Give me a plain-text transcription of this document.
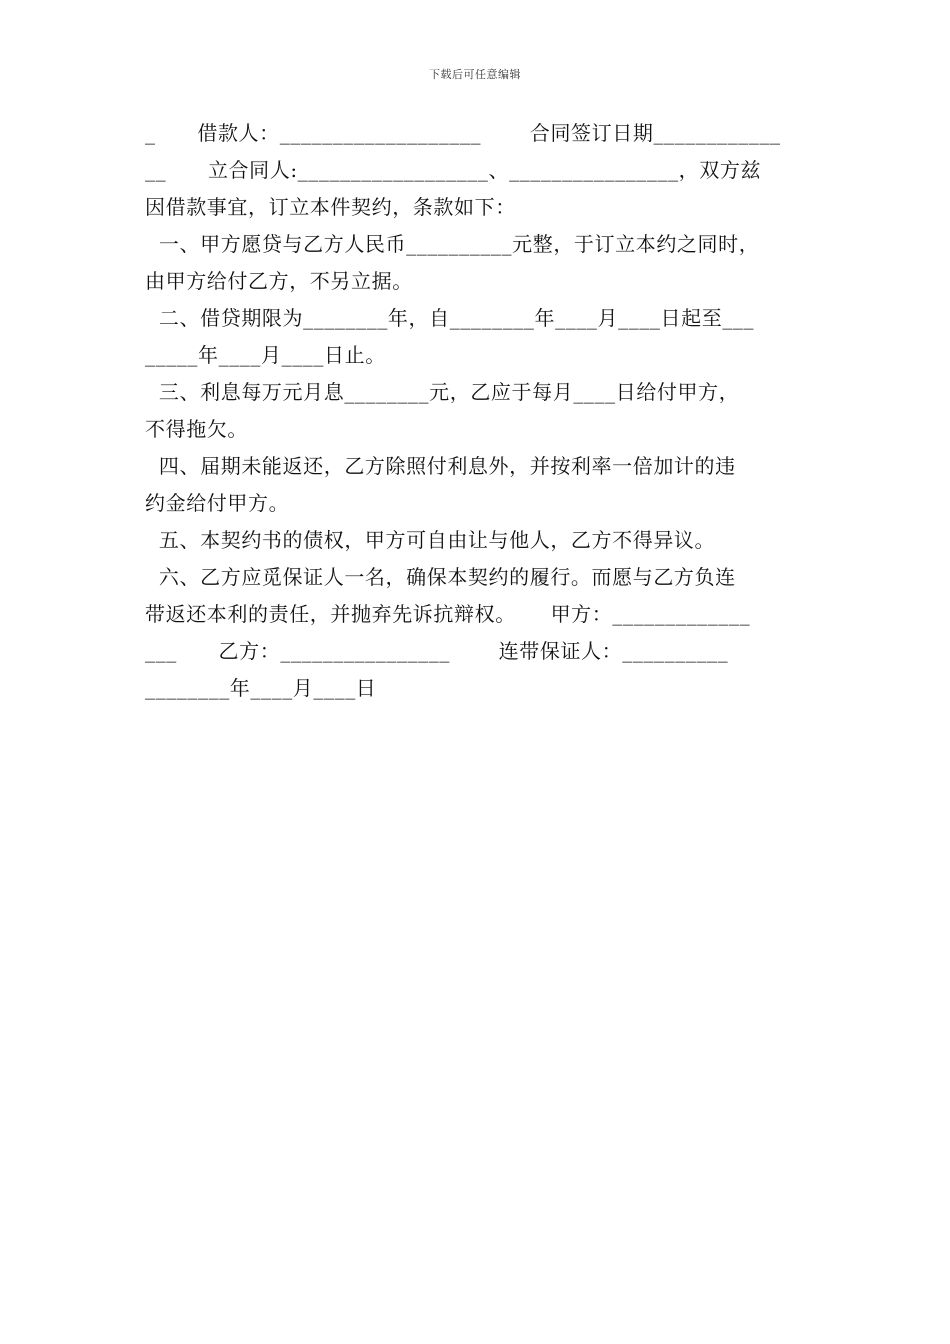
下载后可任意编辑
_      借款人：___________________       合同签订日期____________
__      立合同人:__________________、________________，双方兹
因借款事宜，订立本件契约，条款如下：
一、甲方愿贷与乙方人民币__________元整，于订立本约之同时，
由甲方给付乙方，不另立据。
二、借贷期限为________年，自________年____月____日起至___
_____年____月____日止。
三、利息每万元月息________元，乙应于每月____日给付甲方，
不得拖欠。
四、届期未能返还，乙方除照付利息外，并按利率一倍加计的违
约金给付甲方。
五、本契约书的债权，甲方可自由让与他人，乙方不得异议。
六、乙方应觅保证人一名，确保本契约的履行。而愿与乙方负连
带返还本利的责任，并抛弃先诉抗辩权。     甲方：_____________
___      乙方：________________       连带保证人：__________
________年____月____日
